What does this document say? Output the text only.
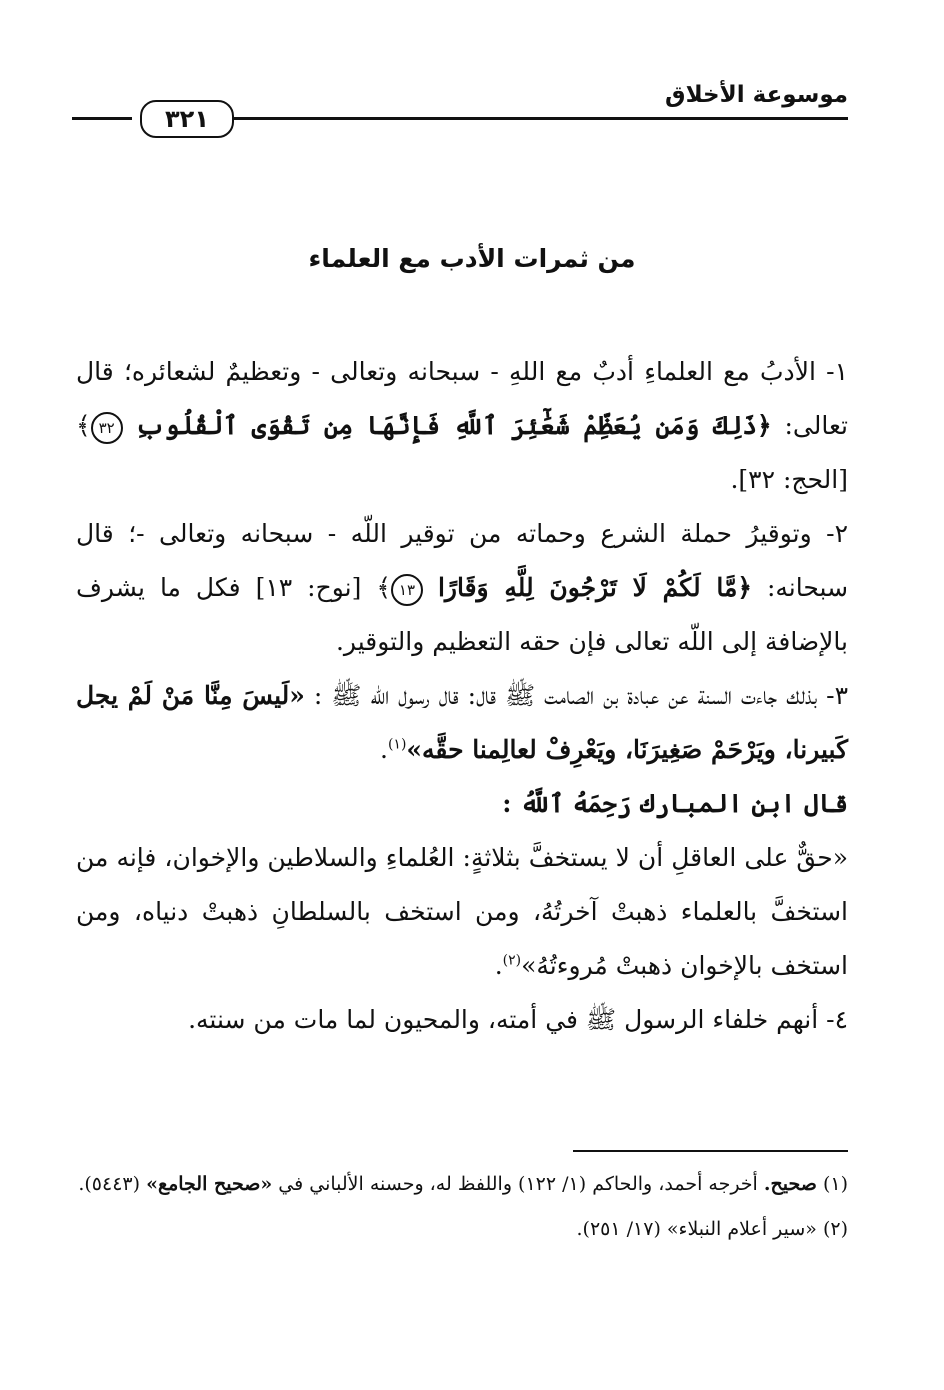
موسوعة الأخلاق
٣٢١
من ثمرات الأدب مع العلماء

١- الأدبُ مع العلماءِ أدبٌ مع اللهِ - سبحانه وتعالى - وتعظيمٌ لشعائره؛ قال تعالى: ﴿ذَلِكَ وَمَن يُعَظِّمْ شَعَٰٓئِرَ ٱللَّهِ فَإِنَّهَا مِن تَقْوَى ٱلْقُلُوبِ ٣٢﴾ [الحج: ٣٢].

٢- وتوقيرُ حملة الشرع وحماته من توقير اللّه - سبحانه وتعالى -؛ قال سبحانه: ﴿مَّا لَكُمْ لَا تَرْجُونَ لِلَّهِ وَقَارًا ١٣﴾ [نوح: ١٣] فكل ما يشرف بالإضافة إلى اللّه تعالى فإن حقه التعظيم والتوقير.

٣- بذلك جاءت السنة عن عبادة بن الصامت ﷺ قال: قال رسول اللّه ﷺ : «لَيسَ مِنَّا مَنْ لَمْ يجل كَبيرنا، ويَرْحَمْ صَغِيرَنَا، ويَعْرِفْ لعالِمنا حقَّه»$^{(١)}$.

قال ابن المبارك رَحِمَهُ ٱللَّهُ :

«حقٌّ على العاقلِ أن لا يستخفَّ بثلاثةٍ: العُلماءِ والسلاطين والإخوان، فإنه من استخفَّ بالعلماء ذهبتْ آخرتُهُ، ومن استخف بالسلطانِ ذهبتْ دنياه، ومن استخف بالإخوان ذهبتْ مُروءتُهُ»$^{(٢)}$.

٤- أنهم خلفاء الرسول ﷺ في أمته، والمحيون لما مات من سنته.

(١) صحيح. أخرجه أحمد، والحاكم (١/ ١٢٢) واللفظ له، وحسنه الألباني في «صحيح الجامع» (٥٤٤٣).

(٢) «سير أعلام النبلاء» (١٧/ ٢٥١).
